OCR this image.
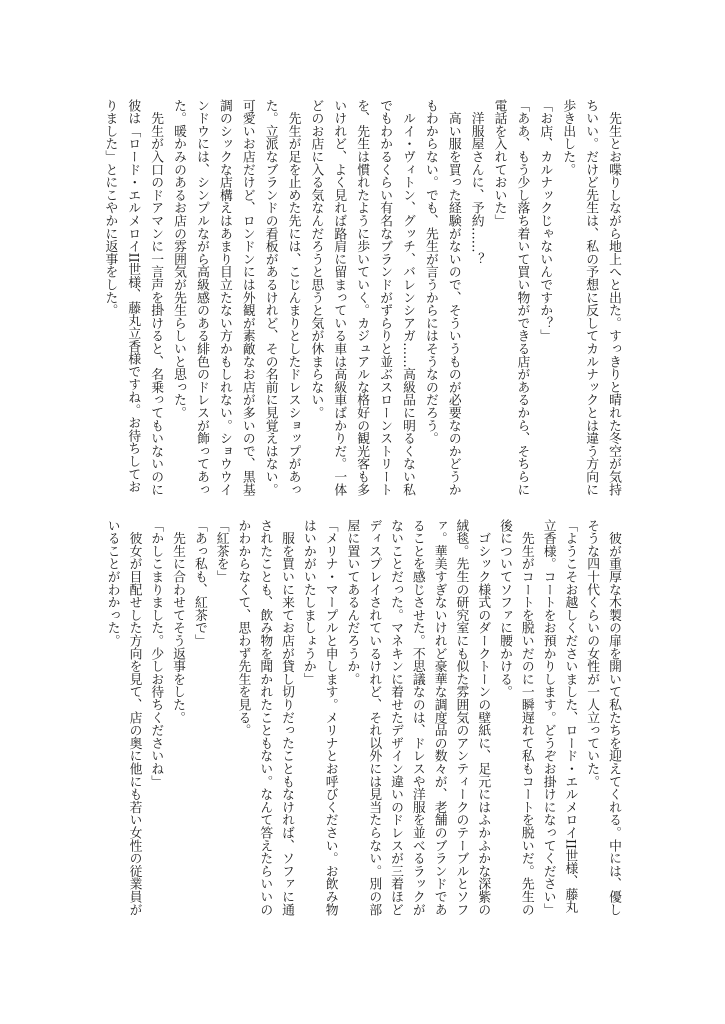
　先生とお喋りしながら地上へと出た。すっきりと晴れた冬空が気持
ちいい。だけど先生は、私の予想に反してカルナックとは違う方向に
歩き出した。
「お店、カルナックじゃないんですか？」
「ああ、もう少し落ち着いて買い物ができる店があるから、そちらに
電話を入れておいた」
　洋服屋さんに、予約……？
　高い服を買った経験がないので、そういうものが必要なのかどうか
もわからない。でも、先生が言うからにはそうなのだろう。
　ルイ・ヴィトン、グッチ、バレンシアガ……高級品に明るくない私
でもわかるくらい有名なブランドがずらりと並ぶスローンストリート
を、先生は慣れたように歩いていく。カジュアルな格好の観光客も多
いけれど、よく見れば路肩に留まっている車は高級車ばかりだ。一体
どのお店に入る気なんだろうと思うと気が休まらない。
　先生が足を止めた先には、こじんまりとしたドレスショップがあっ
た。立派なブランドの看板があるけれど、その名前に見覚えはない。
可愛いお店だけど、ロンドンには外観が素敵なお店が多いので、黒基
調のシックな店構えはあまり目立たない方かもしれない。ショウウイ
ンドウには、シンプルながら高級感のある緋色のドレスが飾ってあっ
た。暖かみのあるお店の雰囲気が先生らしいと思った。
　先生が入口のドアマンに一言声を掛けると、名乗ってもいないのに
彼は「ロード・エルメロイII世様、藤丸立香様ですね。お待ちしてお
りました」とにこやかに返事をした。
　彼が重厚な木製の扉を開いて私たちを迎えてくれる。中には、優し
そうな四十代くらいの女性が一人立っていた。
「ようこそお越しくださいました、ロード・エルメロイII世様、藤丸
立香様。コートをお預かりします。どうぞお掛けになってください」
　先生がコートを脱いだのに一瞬遅れて私もコートを脱いだ。先生の
後についてソファに腰かける。
　ゴシック様式のダークトーンの壁紙に、足元にはふかふかな深紫の
絨毯。先生の研究室にも似た雰囲気のアンティークのテーブルとソフ
ァ。華美すぎないけれど豪華な調度品の数々が、老舗のブランドであ
ることを感じさせた。不思議なのは、ドレスや洋服を並べるラックが
ないことだった。マネキンに着せたデザイン違いのドレスが三着ほど
ディスプレイされているけれど、それ以外には見当たらない。別の部
屋に置いてあるんだろうか。
「メリナ・マープルと申します。メリナとお呼びください。お飲み物
はいかがいたしましょうか」
　服を買いに来てお店が貸し切りだったこともなければ、ソファに通
されたことも、飲み物を聞かれたこともない。なんて答えたらいいの
かわからなくて、思わず先生を見る。
「紅茶を」
「あっ私も、紅茶で」
　先生に合わせてそう返事をした。
「かしこまりました。少しお待ちくださいね」
　彼女が目配せした方向を見て、店の奥に他にも若い女性の従業員が
いることがわかった。
